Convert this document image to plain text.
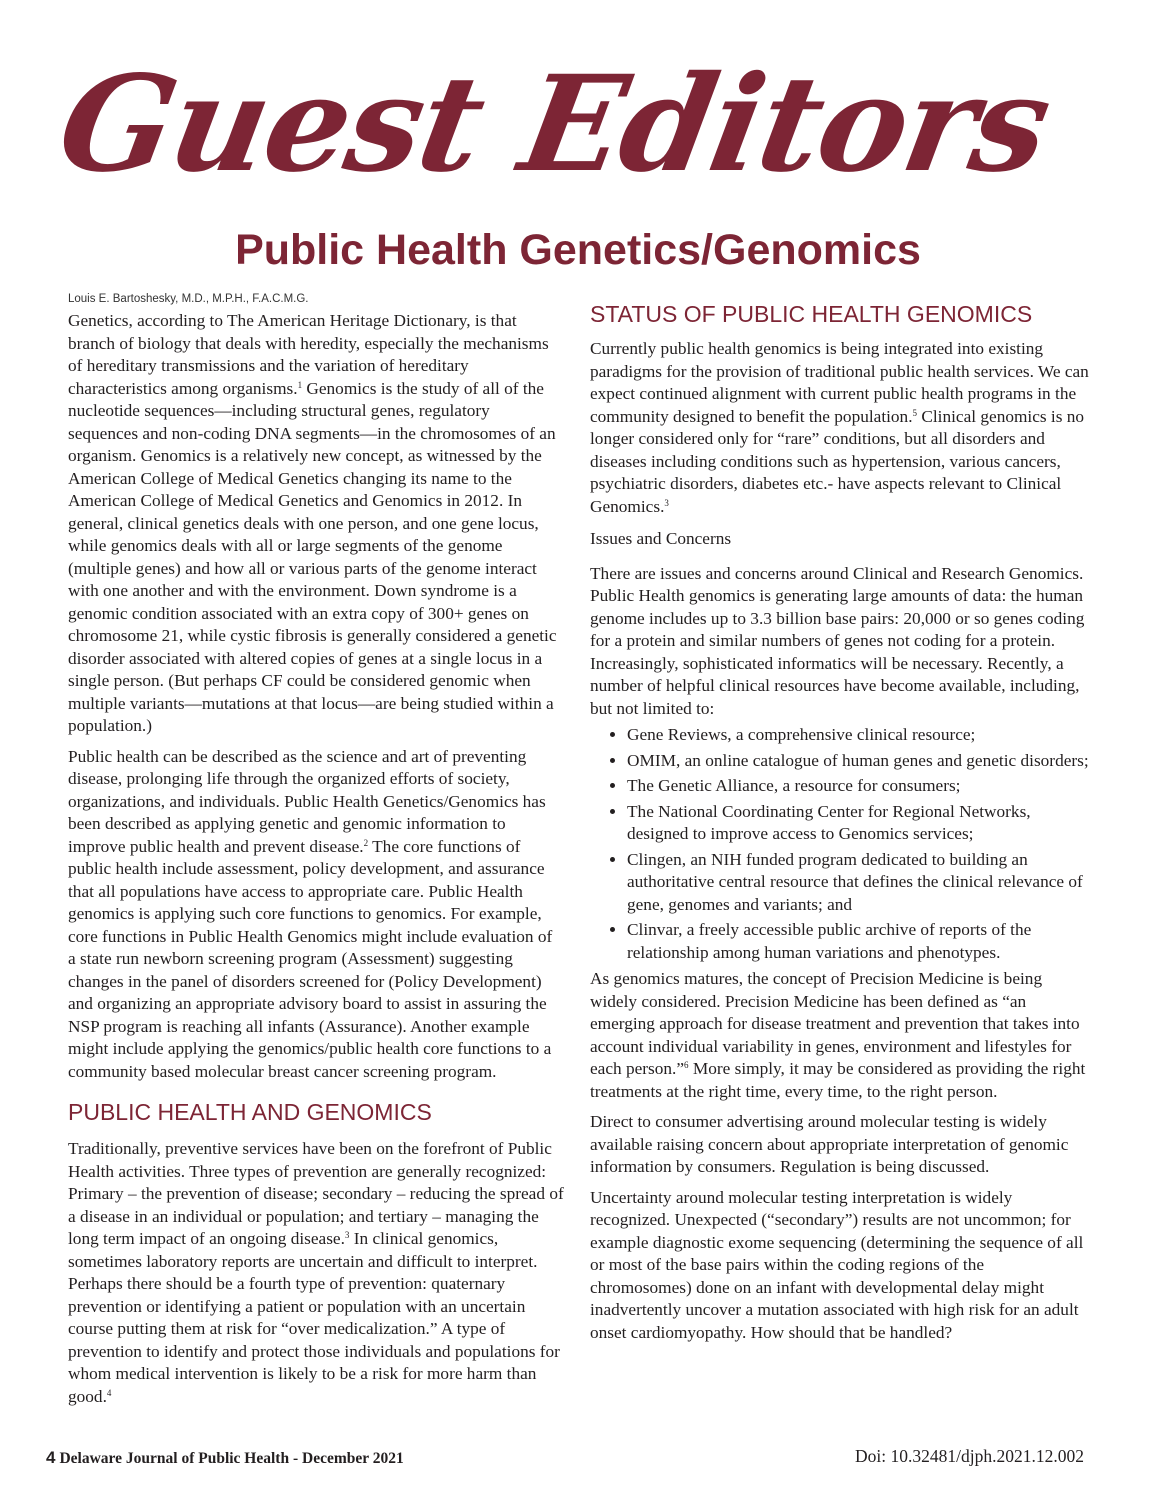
Guest Editors
Public Health Genetics/Genomics
Louis E. Bartoshesky, M.D., M.P.H., F.A.C.M.G.

Genetics, according to The American Heritage Dictionary, is that branch of biology that deals with heredity, especially the mechanisms of hereditary transmissions and the variation of hereditary characteristics among organisms.$^1$ Genomics is the study of all of the nucleotide sequences—including structural genes, regulatory sequences and non-coding DNA segments—in the chromosomes of an organism. Genomics is a relatively new concept, as witnessed by the American College of Medical Genetics changing its name to the American College of Medical Genetics and Genomics in 2012. In general, clinical genetics deals with one person, and one gene locus, while genomics deals with all or large segments of the genome (multiple genes) and how all or various parts of the genome interact with one another and with the environment. Down syndrome is a genomic condition associated with an extra copy of 300+ genes on chromosome 21, while cystic fibrosis is generally considered a genetic disorder associated with altered copies of genes at a single locus in a single person. (But perhaps CF could be considered genomic when multiple variants—mutations at that locus—are being studied within a population.)

Public health can be described as the science and art of preventing disease, prolonging life through the organized efforts of society, organizations, and individuals. Public Health Genetics/Genomics has been described as applying genetic and genomic information to improve public health and prevent disease.$^2$ The core functions of public health include assessment, policy development, and assurance that all populations have access to appropriate care. Public Health genomics is applying such core functions to genomics. For example, core functions in Public Health Genomics might include evaluation of a state run newborn screening program (Assessment) suggesting changes in the panel of disorders screened for (Policy Development) and organizing an appropriate advisory board to assist in assuring the NSP program is reaching all infants (Assurance). Another example might include applying the genomics/public health core functions to a community based molecular breast cancer screening program.

PUBLIC HEALTH AND GENOMICS

Traditionally, preventive services have been on the forefront of Public Health activities. Three types of prevention are generally recognized: Primary – the prevention of disease; secondary – reducing the spread of a disease in an individual or population; and tertiary – managing the long term impact of an ongoing disease.$^3$ In clinical genomics, sometimes laboratory reports are uncertain and difficult to interpret. Perhaps there should be a fourth type of prevention: quaternary prevention or identifying a patient or population with an uncertain course putting them at risk for “over medicalization.” A type of prevention to identify and protect those individuals and populations for whom medical intervention is likely to be a risk for more harm than good.$^4$

STATUS OF PUBLIC HEALTH GENOMICS

Currently public health genomics is being integrated into existing paradigms for the provision of traditional public health services. We can expect continued alignment with current public health programs in the community designed to benefit the population.$^5$ Clinical genomics is no longer considered only for “rare” conditions, but all disorders and diseases including conditions such as hypertension, various cancers, psychiatric disorders, diabetes etc.- have aspects relevant to Clinical Genomics.$^3$

Issues and Concerns

There are issues and concerns around Clinical and Research Genomics. Public Health genomics is generating large amounts of data: the human genome includes up to 3.3 billion base pairs: 20,000 or so genes coding for a protein and similar numbers of genes not coding for a protein. Increasingly, sophisticated informatics will be necessary. Recently, a number of helpful clinical resources have become available, including, but not limited to:

• Gene Reviews, a comprehensive clinical resource;
• OMIM, an online catalogue of human genes and genetic disorders;
• The Genetic Alliance, a resource for consumers;
• The National Coordinating Center for Regional Networks, designed to improve access to Genomics services;
• Clingen, an NIH funded program dedicated to building an authoritative central resource that defines the clinical relevance of gene, genomes and variants; and
• Clinvar, a freely accessible public archive of reports of the relationship among human variations and phenotypes.

As genomics matures, the concept of Precision Medicine is being widely considered. Precision Medicine has been defined as “an emerging approach for disease treatment and prevention that takes into account individual variability in genes, environment and lifestyles for each person.”$^6$ More simply, it may be considered as providing the right treatments at the right time, every time, to the right person.

Direct to consumer advertising around molecular testing is widely available raising concern about appropriate interpretation of genomic information by consumers. Regulation is being discussed.

Uncertainty around molecular testing interpretation is widely recognized. Unexpected (“secondary”) results are not uncommon; for example diagnostic exome sequencing (determining the sequence of all or most of the base pairs within the coding regions of the chromosomes) done on an infant with developmental delay might inadvertently uncover a mutation associated with high risk for an adult onset cardiomyopathy. How should that be handled?

4 Delaware Journal of Public Health - December 2021	Doi: 10.32481/djph.2021.12.002
